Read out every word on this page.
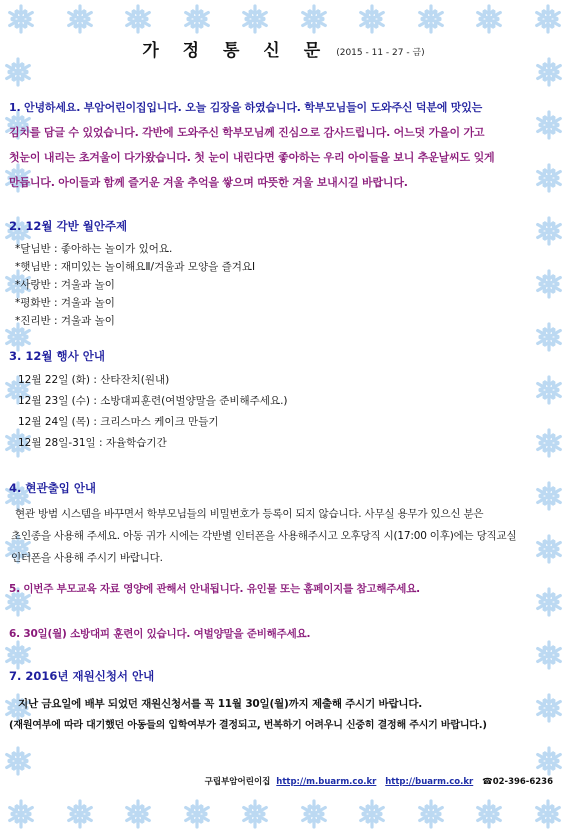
가 정 통 신 문 (2015 - 11 - 27 - 금)

1. 안녕하세요. 부암어린이집입니다. 오늘 김장을 하였습니다. 학부모님들이 도와주신 덕분에 맛있는

김치를 담글 수 있었습니다. 각반에 도와주신 학부모님께 진심으로 감사드립니다. 어느덧 가을이 가고

첫눈이 내리는 초겨울이 다가왔습니다. 첫 눈이 내린다면 좋아하는 우리 아이들을 보니 추운날씨도 잊게

만듭니다. 아이들과 함께 즐거운 겨울 추억을 쌓으며 따뜻한 겨울 보내시길 바랍니다.

2. 12월 각반 월안주제

*달님반 : 좋아하는 놀이가 있어요.

*햇님반 : 재미있는 놀이해요Ⅱ/겨울과 모양을 즐겨요Ⅰ

*사랑반 : 겨울과 놀이

*평화반 : 겨울과 놀이

*진리반 : 겨울과 놀이

3. 12월 행사 안내

12월 22일 (화) : 산타잔치(원내)

12월 23일 (수) : 소방대피훈련(여벌양말을 준비해주세요.)

12월 24일 (목) : 크리스마스 케이크 만들기

12월 28일-31일 : 자율학습기간

4. 현관출입 안내

현관 방범 시스템을 바꾸면서 학부모님들의 비밀번호가 등록이 되지 않습니다. 사무실 용무가 있으신 분은

초인종을 사용해 주세요. 아동 귀가 시에는 각반별 인터폰을 사용해주시고 오후당직 시(17:00 이후)에는 당직교실

인터폰을 사용해 주시기 바랍니다.

5. 이번주 부모교육 자료 영양에 관해서 안내됩니다. 유인물 또는 홈페이지를 참고해주세요.

6. 30일(월) 소방대피 훈련이 있습니다. 여벌양말을 준비해주세요.

7. 2016년 재원신청서 안내

지난 금요일에 배부 되었던 재원신청서를 꼭 11월 30일(월)까지 제출해 주시기 바랍니다.

(재원여부에 따라 대기했던 아동들의 입학여부가 결정되고, 번복하기 어려우니 신중히 결정해 주시기 바랍니다.)

구립부암어린이집 http://m.buarm.co.kr http://buarm.co.kr ☎02-396-6236
